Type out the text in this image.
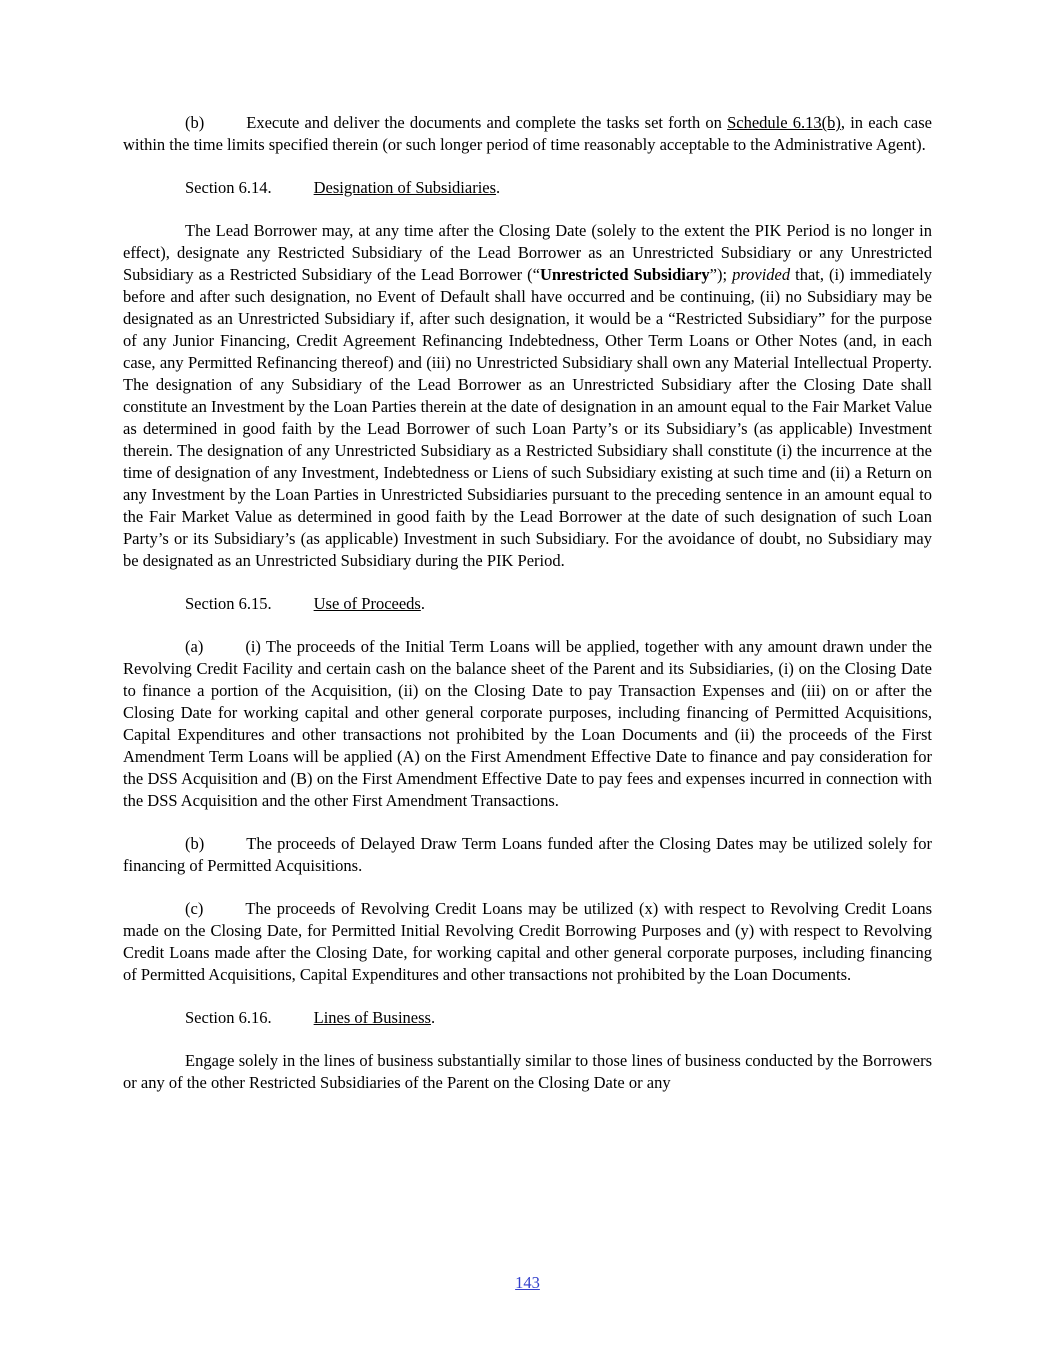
(b)	Execute and deliver the documents and complete the tasks set forth on Schedule 6.13(b), in each case within the time limits specified therein (or such longer period of time reasonably acceptable to the Administrative Agent).

Section 6.14.	Designation of Subsidiaries.

The Lead Borrower may, at any time after the Closing Date (solely to the extent the PIK Period is no longer in effect), designate any Restricted Subsidiary of the Lead Borrower as an Unrestricted Subsidiary or any Unrestricted Subsidiary as a Restricted Subsidiary of the Lead Borrower (“Unrestricted Subsidiary”); provided that, (i) immediately before and after such designation, no Event of Default shall have occurred and be continuing, (ii) no Subsidiary may be designated as an Unrestricted Subsidiary if, after such designation, it would be a “Restricted Subsidiary” for the purpose of any Junior Financing, Credit Agreement Refinancing Indebtedness, Other Term Loans or Other Notes (and, in each case, any Permitted Refinancing thereof) and (iii) no Unrestricted Subsidiary shall own any Material Intellectual Property. The designation of any Subsidiary of the Lead Borrower as an Unrestricted Subsidiary after the Closing Date shall constitute an Investment by the Loan Parties therein at the date of designation in an amount equal to the Fair Market Value as determined in good faith by the Lead Borrower of such Loan Party’s or its Subsidiary’s (as applicable) Investment therein. The designation of any Unrestricted Subsidiary as a Restricted Subsidiary shall constitute (i) the incurrence at the time of designation of any Investment, Indebtedness or Liens of such Subsidiary existing at such time and (ii) a Return on any Investment by the Loan Parties in Unrestricted Subsidiaries pursuant to the preceding sentence in an amount equal to the Fair Market Value as determined in good faith by the Lead Borrower at the date of such designation of such Loan Party’s or its Subsidiary’s (as applicable) Investment in such Subsidiary. For the avoidance of doubt, no Subsidiary may be designated as an Unrestricted Subsidiary during the PIK Period.

Section 6.15.	Use of Proceeds.

(a)	(i) The proceeds of the Initial Term Loans will be applied, together with any amount drawn under the Revolving Credit Facility and certain cash on the balance sheet of the Parent and its Subsidiaries, (i) on the Closing Date to finance a portion of the Acquisition, (ii) on the Closing Date to pay Transaction Expenses and (iii) on or after the Closing Date for working capital and other general corporate purposes, including financing of Permitted Acquisitions, Capital Expenditures and other transactions not prohibited by the Loan Documents and (ii) the proceeds of the First Amendment Term Loans will be applied (A) on the First Amendment Effective Date to finance and pay consideration for the DSS Acquisition and (B) on the First Amendment Effective Date to pay fees and expenses incurred in connection with the DSS Acquisition and the other First Amendment Transactions.

(b)	The proceeds of Delayed Draw Term Loans funded after the Closing Dates may be utilized solely for financing of Permitted Acquisitions.

(c)	The proceeds of Revolving Credit Loans may be utilized (x) with respect to Revolving Credit Loans made on the Closing Date, for Permitted Initial Revolving Credit Borrowing Purposes and (y) with respect to Revolving Credit Loans made after the Closing Date, for working capital and other general corporate purposes, including financing of Permitted Acquisitions, Capital Expenditures and other transactions not prohibited by the Loan Documents.

Section 6.16.	Lines of Business.

Engage solely in the lines of business substantially similar to those lines of business conducted by the Borrowers or any of the other Restricted Subsidiaries of the Parent on the Closing Date or any

143
